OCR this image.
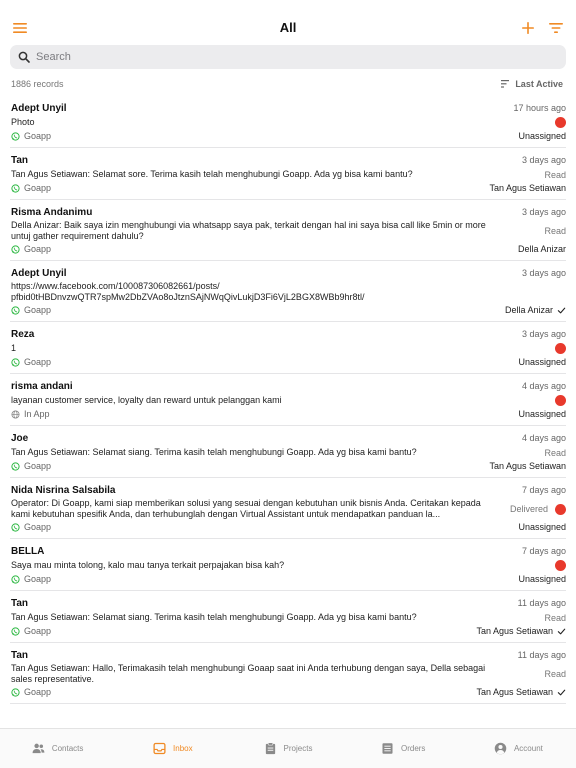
All
Search
1886 records	Last Active
Adept Unyil	17 hours ago
Photo
Goapp	Unassigned
Tan	3 days ago
Tan Agus Setiawan: Selamat sore. Terima kasih telah menghubungi Goapp. Ada yg bisa kami bantu?	Read
Goapp	Tan Agus Setiawan
Risma Andanimu	3 days ago
Della Anizar: Baik saya izin menghubungi via whatsapp saya pak, terkait dengan hal ini saya bisa call like 5min or more untuj gather requirement dahulu?	Read
Goapp	Della Anizar
Adept Unyil	3 days ago
https://www.facebook.com/100087306082661/posts/
pfbid0tHBDnvzwQTR7spMw2DbZVAo8oJtznSAjNWqQivLukjD3Fi6VjL2BGX8WBb9hr8tl/
Goapp	Della Anizar
Reza	3 days ago
1
Goapp	Unassigned
risma andani	4 days ago
layanan customer service, loyalty dan reward untuk pelanggan kami
In App	Unassigned
Joe	4 days ago
Tan Agus Setiawan: Selamat siang. Terima kasih telah menghubungi Goapp. Ada yg bisa kami bantu?	Read
Goapp	Tan Agus Setiawan
Nida Nisrina Salsabila	7 days ago
Operator: Di Goapp, kami siap memberikan solusi yang sesuai dengan kebutuhan unik bisnis Anda. Ceritakan kepada kami kebutuhan spesifik Anda, dan terhubunglah dengan Virtual Assistant untuk mendapatkan panduan la...	Delivered
Goapp	Unassigned
BELLA	7 days ago
Saya mau minta tolong, kalo mau tanya terkait perpajakan bisa kah?
Goapp	Unassigned
Tan	11 days ago
Tan Agus Setiawan: Selamat siang. Terima kasih telah menghubungi Goapp. Ada yg bisa kami bantu?	Read
Goapp	Tan Agus Setiawan
Tan	11 days ago
Tan Agus Setiawan: Hallo, Terimakasih telah menghubungi Goaap saat ini Anda terhubung dengan saya, Della sebagai sales representative.	Read
Goapp	Tan Agus Setiawan
Contacts	Inbox	Projects	Orders	Account
